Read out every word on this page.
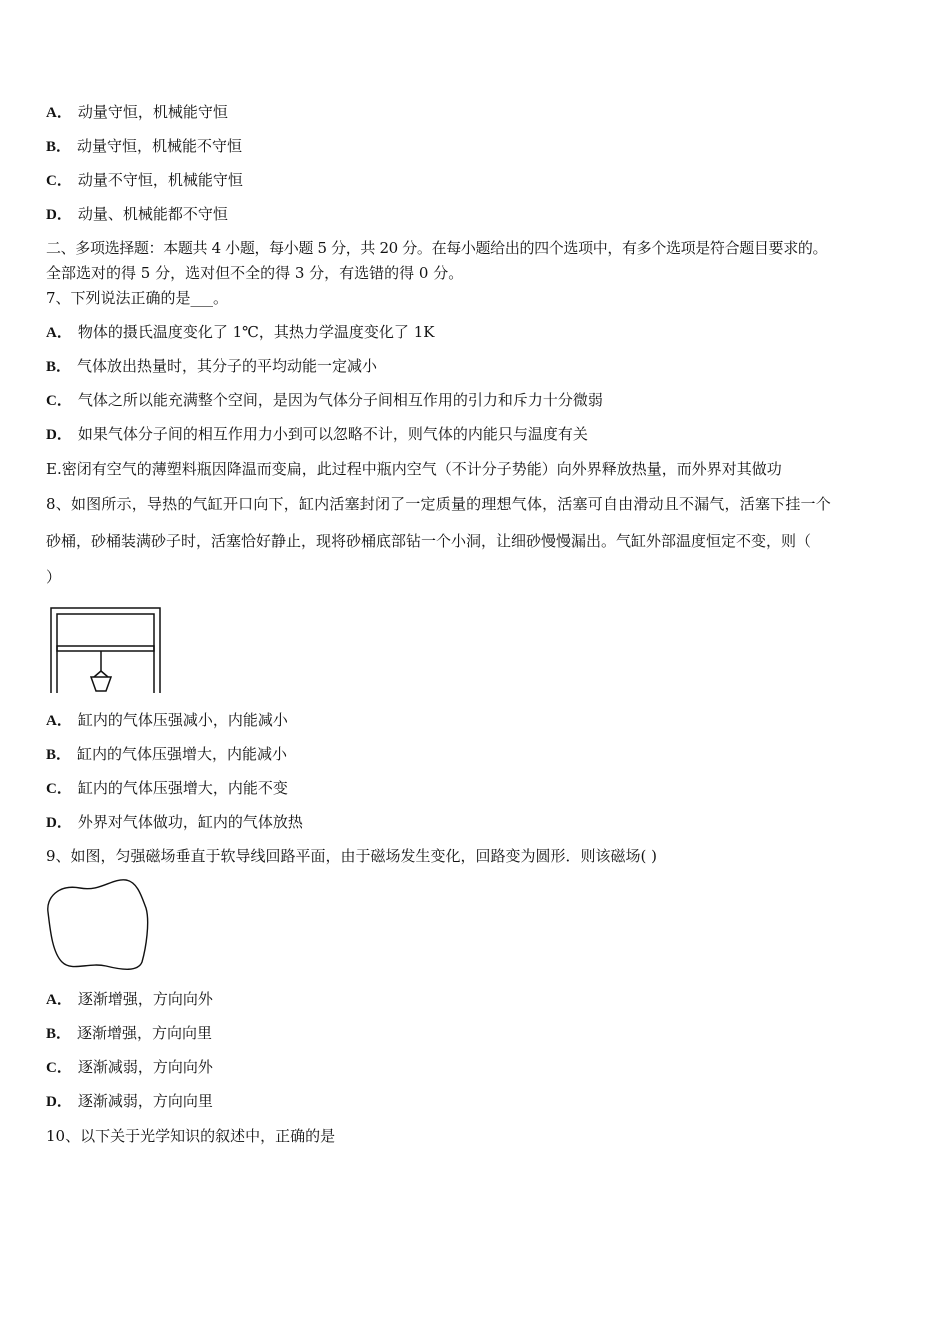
A． 动量守恒，机械能守恒
B． 动量守恒，机械能不守恒
C． 动量不守恒，机械能守恒
D． 动量、机械能都不守恒
二、多项选择题：本题共 4 小题，每小题 5 分，共 20 分。在每小题给出的四个选项中，有多个选项是符合题目要求的。
全部选对的得 5 分，选对但不全的得 3 分，有选错的得 0 分。
7、下列说法正确的是___。
A． 物体的摄氏温度变化了 1℃，其热力学温度变化了 1K
B． 气体放出热量时，其分子的平均动能一定减小
C． 气体之所以能充满整个空间，是因为气体分子间相互作用的引力和斥力十分微弱
D． 如果气体分子间的相互作用力小到可以忽略不计，则气体的内能只与温度有关
E.密闭有空气的薄塑料瓶因降温而变扁，此过程中瓶内空气（不计分子势能）向外界释放热量，而外界对其做功
8、如图所示，导热的气缸开口向下，缸内活塞封闭了一定质量的理想气体，活塞可自由滑动且不漏气，活塞下挂一个
砂桶，砂桶装满砂子时，活塞恰好静止，现将砂桶底部钻一个小洞，让细砂慢慢漏出。气缸外部温度恒定不变，则（
）
A． 缸内的气体压强减小，内能减小
B． 缸内的气体压强增大，内能减小
C． 缸内的气体压强增大，内能不变
D． 外界对气体做功，缸内的气体放热
9、如图，匀强磁场垂直于软导线回路平面，由于磁场发生变化，回路变为圆形．则该磁场( )
A． 逐渐增强，方向向外
B． 逐渐增强，方向向里
C． 逐渐减弱，方向向外
D． 逐渐减弱，方向向里
10、以下关于光学知识的叙述中，正确的是
